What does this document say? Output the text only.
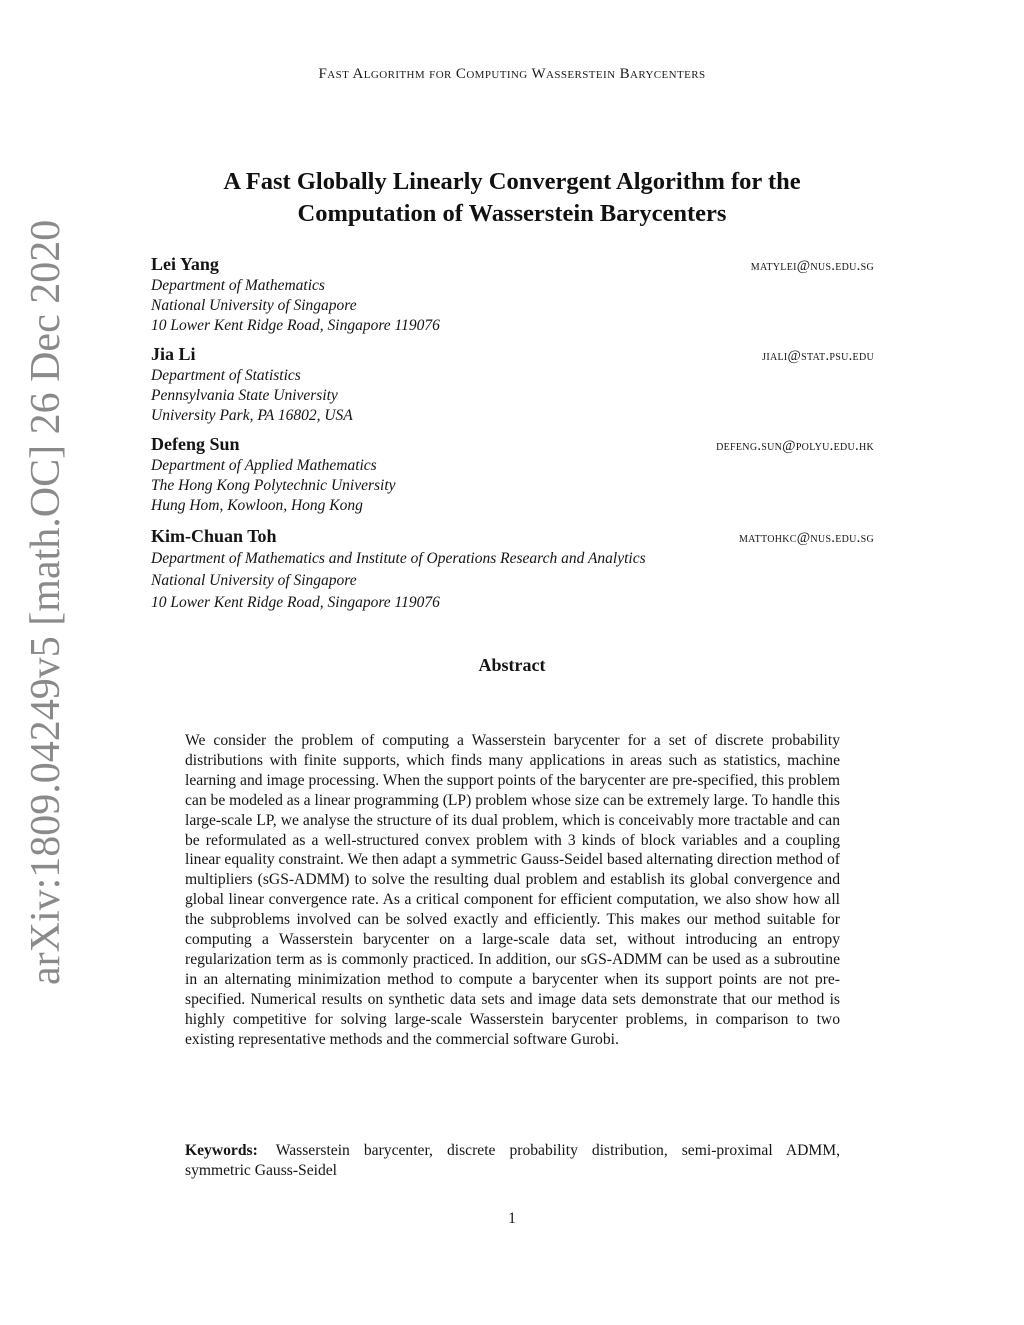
Fast Algorithm for Computing Wasserstein Barycenters
arXiv:1809.04249v5 [math.OC] 26 Dec 2020
A Fast Globally Linearly Convergent Algorithm for the
Computation of Wasserstein Barycenters
Lei Yang	matylei@nus.edu.sg
Department of Mathematics
National University of Singapore
10 Lower Kent Ridge Road, Singapore 119076
Jia Li	jiali@stat.psu.edu
Department of Statistics
Pennsylvania State University
University Park, PA 16802, USA
Defeng Sun	defeng.sun@polyu.edu.hk
Department of Applied Mathematics
The Hong Kong Polytechnic University
Hung Hom, Kowloon, Hong Kong
Kim-Chuan Toh	mattohkc@nus.edu.sg
Department of Mathematics and Institute of Operations Research and Analytics
National University of Singapore
10 Lower Kent Ridge Road, Singapore 119076
Abstract
We consider the problem of computing a Wasserstein barycenter for a set of discrete probability distributions with finite supports, which finds many applications in areas such as statistics, machine learning and image processing. When the support points of the barycenter are pre-specified, this problem can be modeled as a linear programming (LP) problem whose size can be extremely large. To handle this large-scale LP, we analyse the structure of its dual problem, which is conceivably more tractable and can be reformulated as a well-structured convex problem with 3 kinds of block variables and a coupling linear equality constraint. We then adapt a symmetric Gauss-Seidel based alternating direction method of multipliers (sGS-ADMM) to solve the resulting dual problem and establish its global convergence and global linear convergence rate. As a critical component for efficient computation, we also show how all the subproblems involved can be solved exactly and efficiently. This makes our method suitable for computing a Wasserstein barycenter on a large-scale data set, without introducing an entropy regularization term as is commonly practiced. In addition, our sGS-ADMM can be used as a subroutine in an alternating minimization method to compute a barycenter when its support points are not pre-specified. Numerical results on synthetic data sets and image data sets demonstrate that our method is highly competitive for solving large-scale Wasserstein barycenter problems, in comparison to two existing representative methods and the commercial software Gurobi.
Keywords: Wasserstein barycenter, discrete probability distribution, semi-proximal ADMM, symmetric Gauss-Seidel
1
